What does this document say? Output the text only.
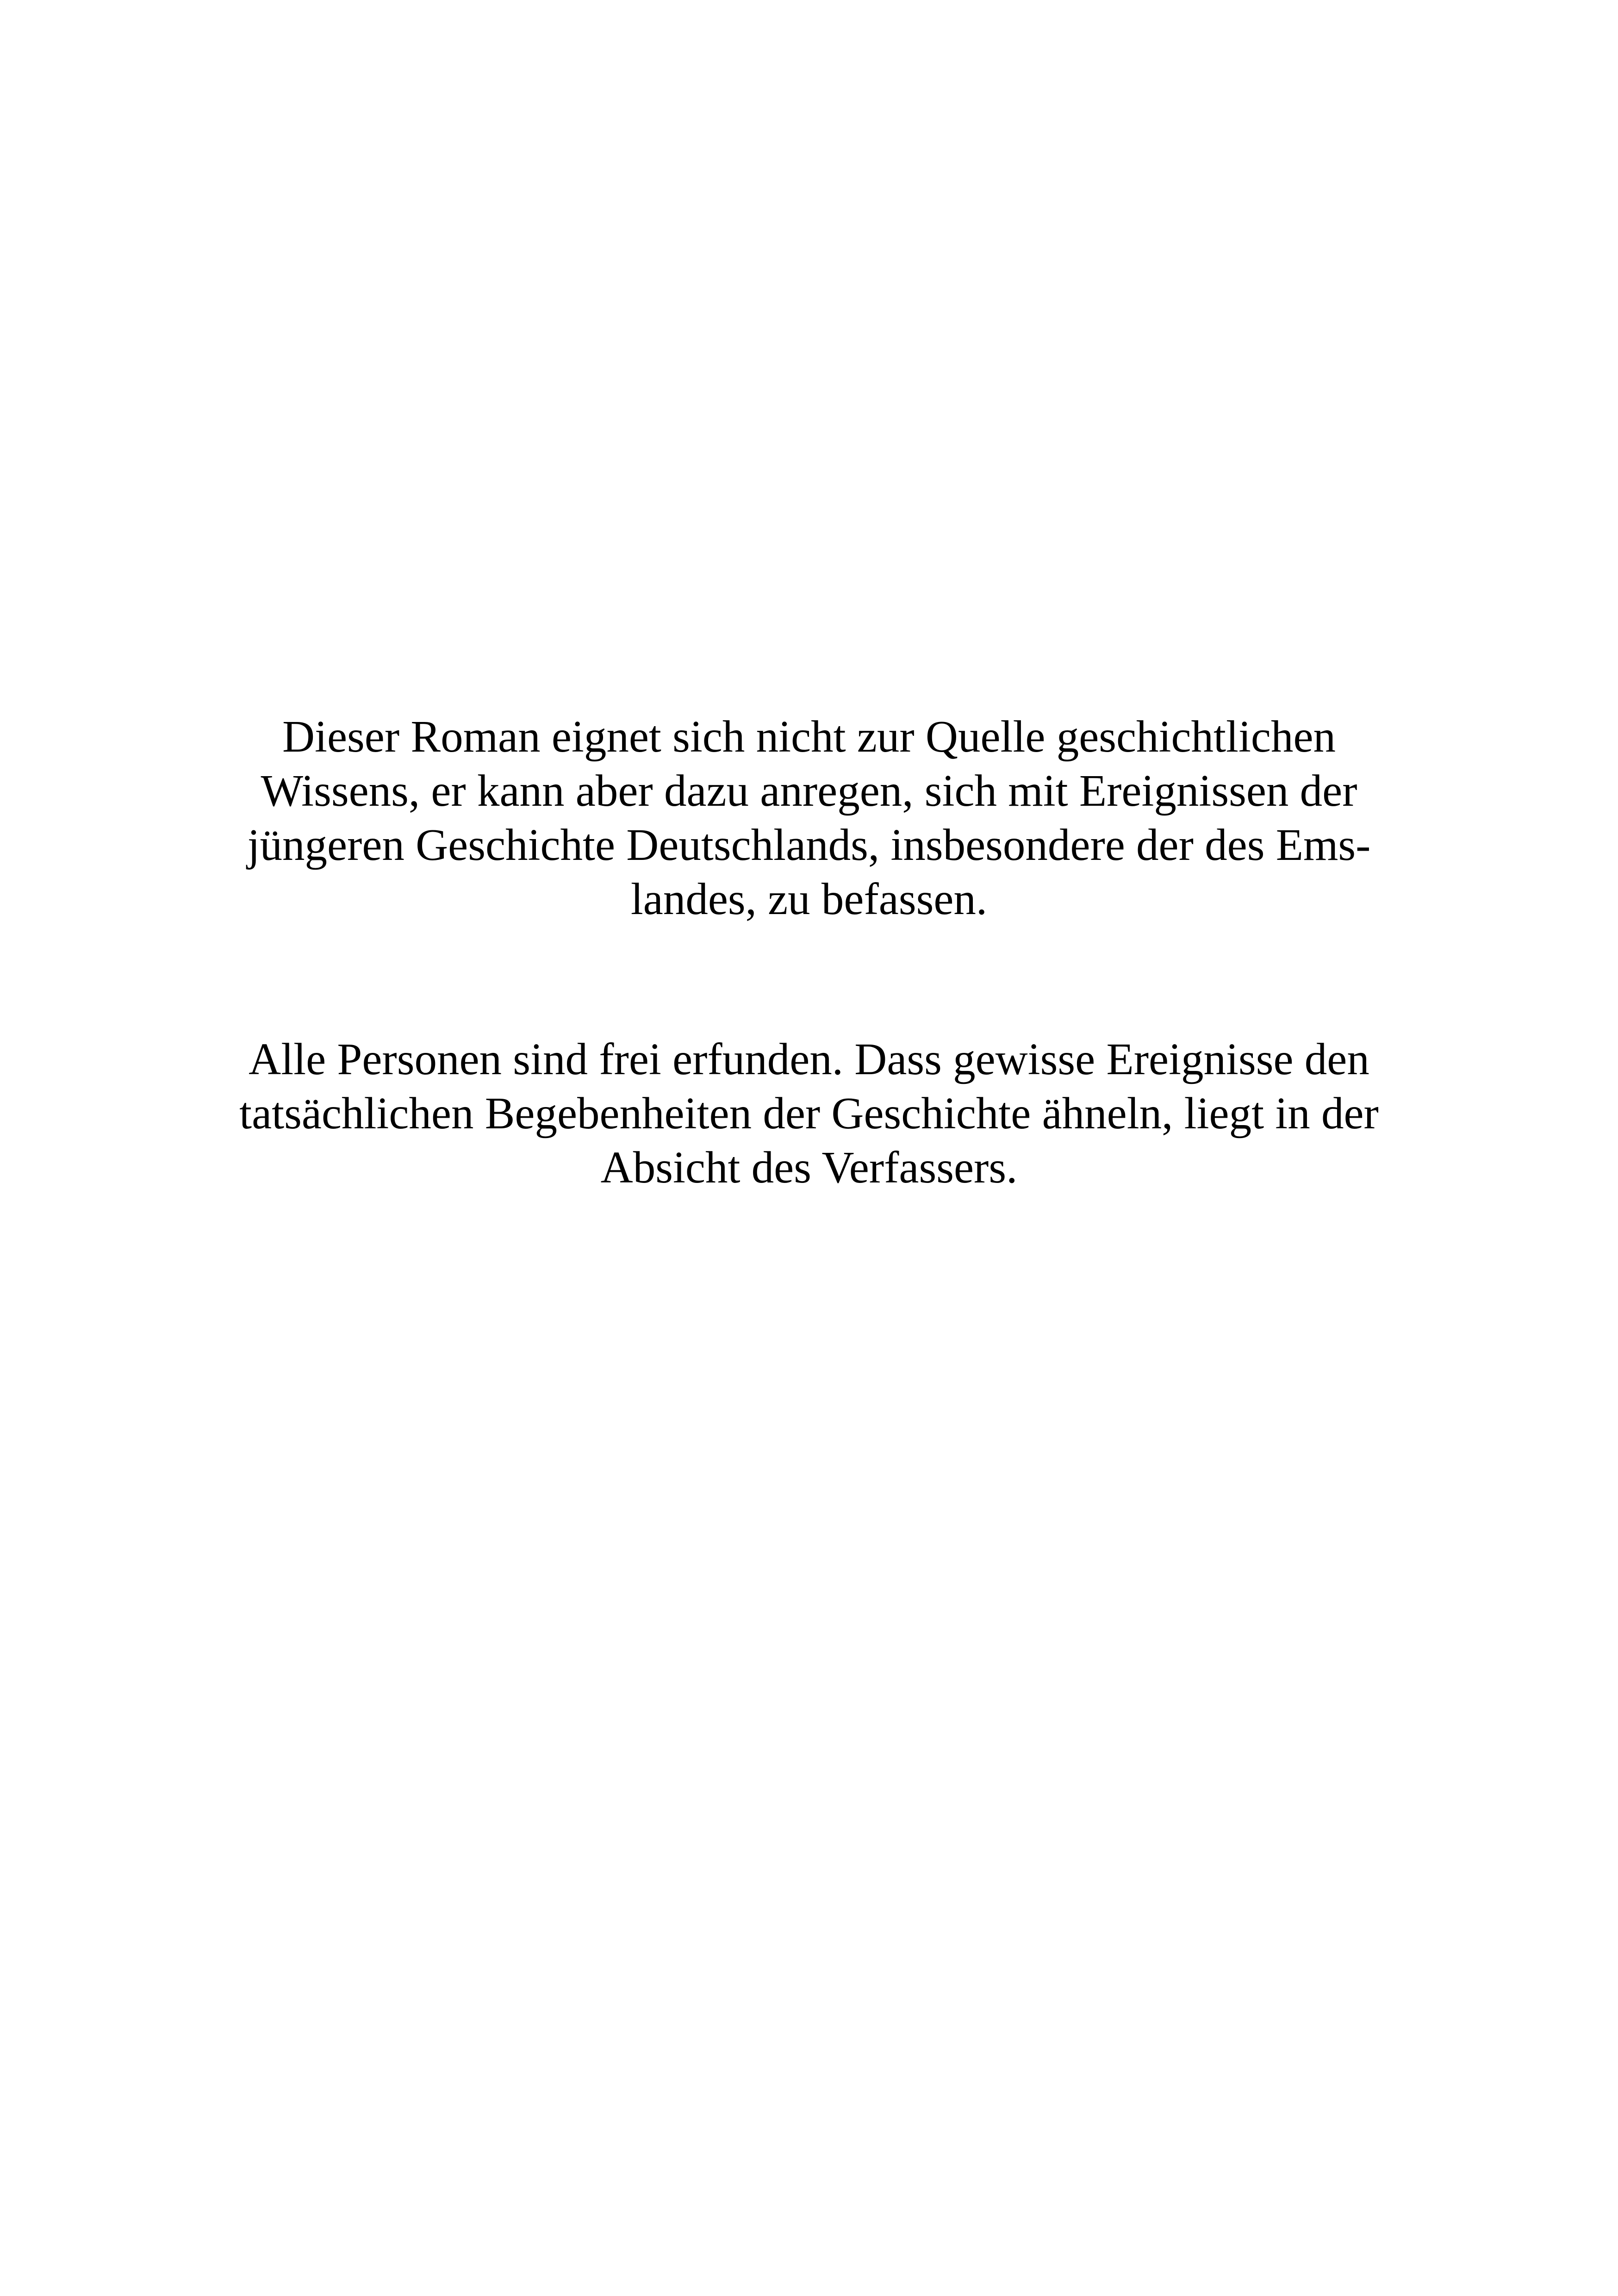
Dieser Roman eignet sich nicht zur Quelle geschichtlichen
Wissens, er kann aber dazu anregen, sich mit Ereignissen der
jüngeren Geschichte Deutschlands, insbesondere der des Ems-
landes, zu befassen.
Alle Personen sind frei erfunden. Dass gewisse Ereignisse den
tatsächlichen Begebenheiten der Geschichte ähneln, liegt in der
Absicht des Verfassers.
